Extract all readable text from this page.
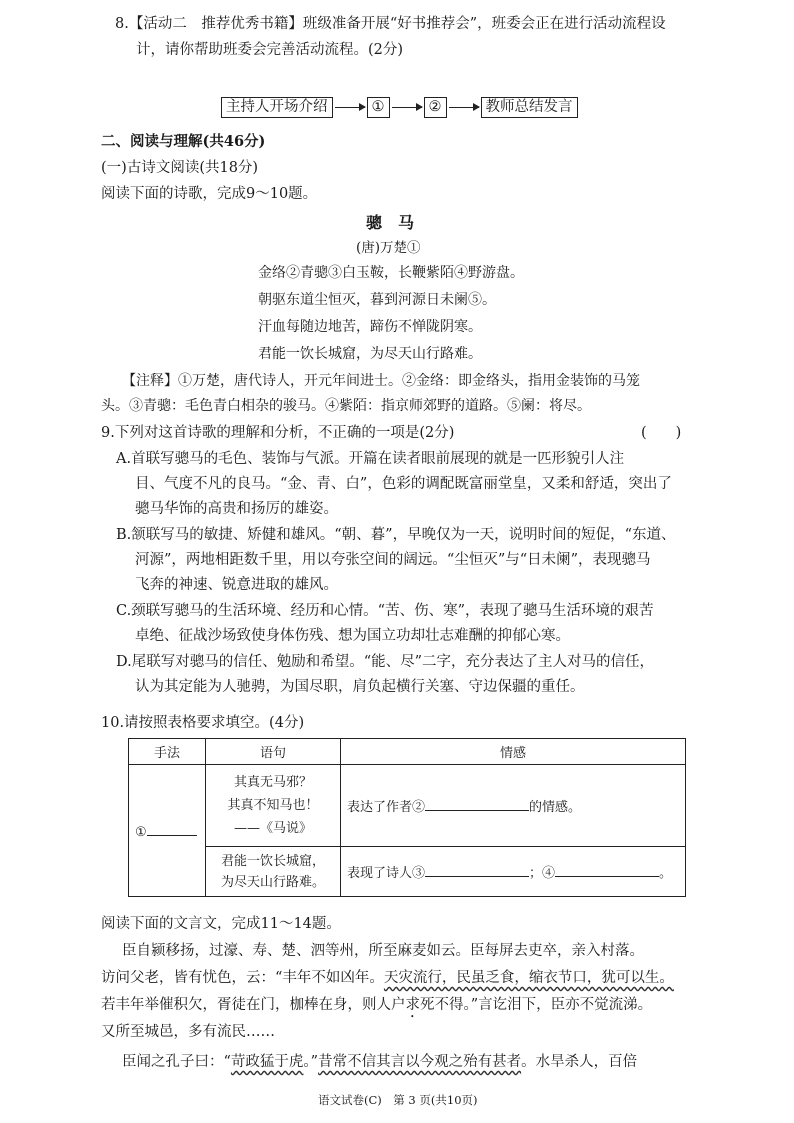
8.【活动二　推荐优秀书籍】班级准备开展“好书推荐会”，班委会正在进行活动流程设
计，请你帮助班委会完善活动流程。(2分)
主持人开场介绍	①	②	教师总结发言
二、阅读与理解(共46分)
(一)古诗文阅读(共18分)
阅读下面的诗歌，完成9～10题。
骢　马
(唐)万楚①
金络②青骢③白玉鞍，长鞭紫陌④野游盘。
朝驱东道尘恒灭，暮到河源日未阑⑤。
汗血每随边地苦，蹄伤不惮陇阴寒。
君能一饮长城窟，为尽天山行路难。
【注释】①万楚，唐代诗人，开元年间进士。②金络：即金络头，指用金装饰的马笼
头。③青骢：毛色青白相杂的骏马。④紫陌：指京师郊野的道路。⑤阑：将尽。
9.下列对这首诗歌的理解和分析，不正确的一项是(2分)	(　　)
A.首联写骢马的毛色、装饰与气派。开篇在读者眼前展现的就是一匹形貌引人注
目、气度不凡的良马。“金、青、白”，色彩的调配既富丽堂皇，又柔和舒适，突出了
骢马华饰的高贵和扬厉的雄姿。
B.颔联写马的敏捷、矫健和雄风。“朝、暮”，早晚仅为一天，说明时间的短促，“东道、
河源”，两地相距数千里，用以夸张空间的阔远。“尘恒灭”与“日未阑”，表现骢马
飞奔的神速、锐意进取的雄风。
C.颈联写骢马的生活环境、经历和心情。“苦、伤、寒”，表现了骢马生活环境的艰苦
卓绝、征战沙场致使身体伤残、想为国立功却壮志难酬的抑郁心寒。
D.尾联写对骢马的信任、勉励和希望。“能、尽”二字，充分表达了主人对马的信任，
认为其定能为人驰骋，为国尽职，肩负起横行关塞、守边保疆的重任。
10.请按照表格要求填空。(4分)
手法	语句	情感
①	其真无马邪？
其真不知马也！
——《马说》	表达了作者② 的情感。

	君能一饮长城窟，
为尽天山行路难。	表现了诗人③ ；④ 。
阅读下面的文言文，完成11～14题。
臣自颍移扬，过濠、寿、楚、泗等州，所至麻麦如云。臣每屏去吏卒，亲入村落。
访问父老，皆有忧色，云：“丰年不如凶年。天灾流行，民虽乏食，缩衣节口，犹可以生。
若丰年举催积欠，胥徒在门，枷棒在身，则人户求死不得。”言讫泪下，臣亦不觉流涕。
又所至城邑，多有流民……
臣闻之孔子曰：“苛政猛于虎。”昔常不信其言以今观之殆有甚者。水旱杀人，百倍
语文试卷(C)　第 3 页(共10页)
